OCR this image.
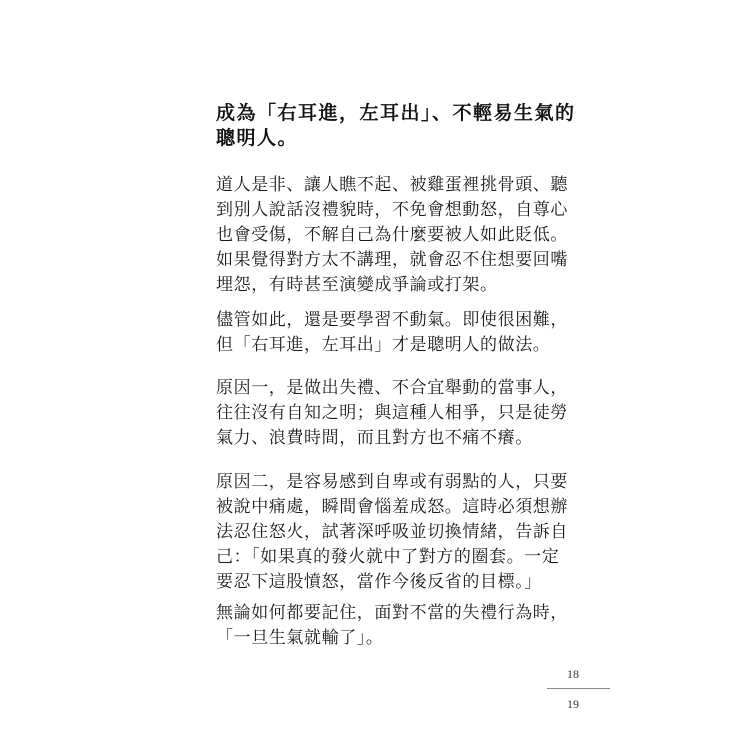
成為「右耳進，左耳出」、不輕易生氣的
聰明人。
道人是非、讓人瞧不起、被雞蛋裡挑骨頭、聽
到別人說話沒禮貌時，不免會想動怒，自尊心
也會受傷，不解自己為什麼要被人如此貶低。
如果覺得對方太不講理，就會忍不住想要回嘴
埋怨，有時甚至演變成爭論或打架。
儘管如此，還是要學習不動氣。即使很困難，
但「右耳進，左耳出」才是聰明人的做法。
原因一，是做出失禮、不合宜舉動的當事人，
往往沒有自知之明；與這種人相爭，只是徒勞
氣力、浪費時間，而且對方也不痛不癢。
原因二，是容易感到自卑或有弱點的人，只要
被說中痛處，瞬間會惱羞成怒。這時必須想辦
法忍住怒火，試著深呼吸並切換情緒，告訴自
己：「如果真的發火就中了對方的圈套。一定
要忍下這股憤怒，當作今後反省的目標。」
無論如何都要記住，面對不當的失禮行為時，
「一旦生氣就輸了」。
18
19
